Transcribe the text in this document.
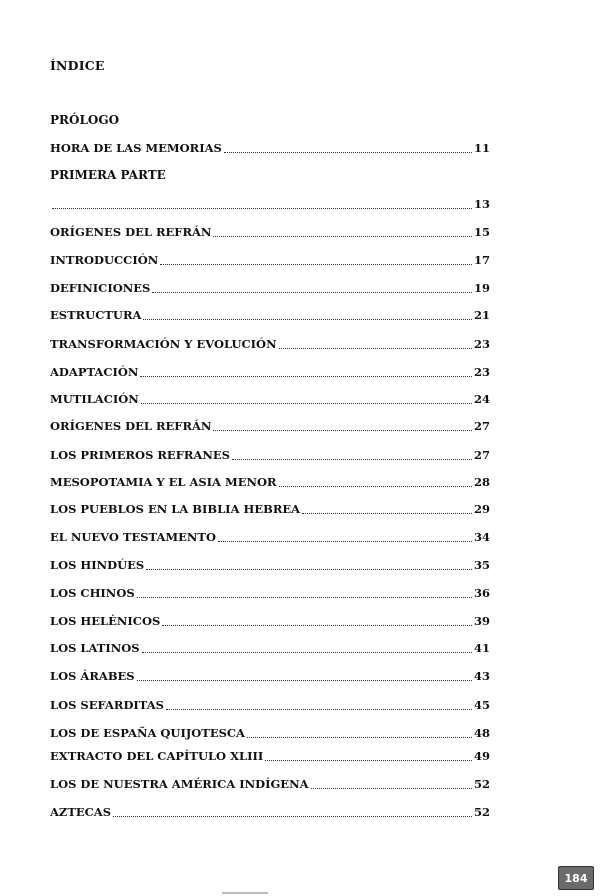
ÍNDICE
PRÓLOGO
PRIMERA PARTE
HORA DE LAS MEMORIAS	11
13
ORÍGENES DEL REFRÁN	15
INTRODUCCIÓN	17
DEFINICIONES	19
ESTRUCTURA	21
TRANSFORMACIÓN Y EVOLUCIÓN	23
ADAPTACIÓN	23
MUTILACIÓN	24
ORÍGENES DEL REFRÁN	27
LOS PRIMEROS REFRANES	27
MESOPOTAMIA Y EL ASIA MENOR	28
LOS PUEBLOS EN LA BIBLIA HEBREA	29
EL NUEVO TESTAMENTO	34
LOS HINDÚES	35
LOS CHINOS	36
LOS HELÉNICOS	39
LOS LATINOS	41
LOS ÁRABES	43
LOS SEFARDITAS	45
LOS DE ESPAÑA QUIJOTESCA	48
EXTRACTO DEL CAPÍTULO XLIII	49
LOS DE NUESTRA AMÉRICA INDÍGENA	52
AZTECAS	52
184
